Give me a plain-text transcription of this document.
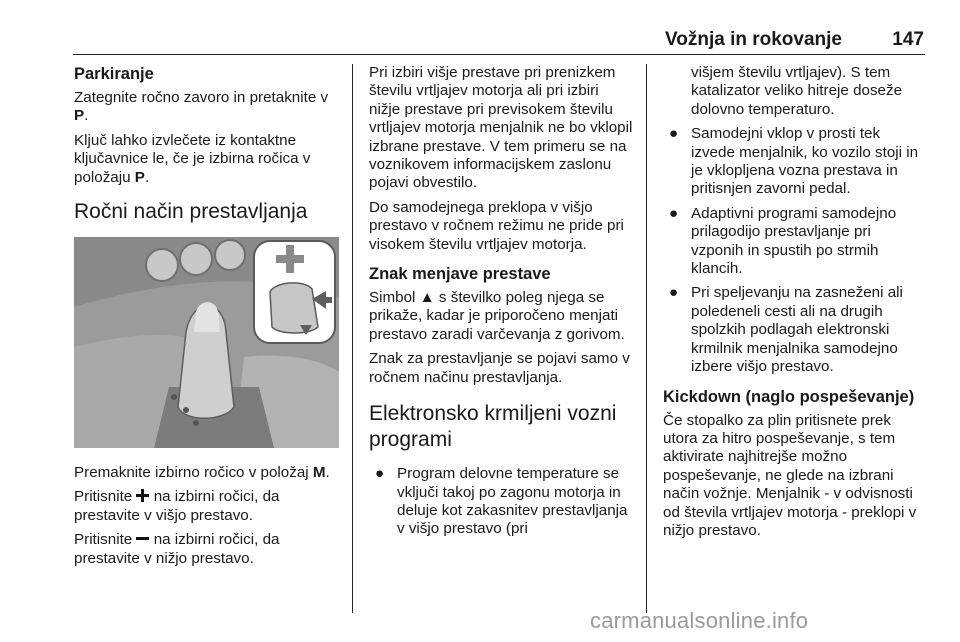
Vožnja in rokovanje	147
Parkiranje

Zategnite ročno zavoro in pretaknite v P.

Ključ lahko izvlečete iz kontaktne ključavnice le, če je izbirna ročica v položaju P.

Ročni način prestavljanja

Premaknite izbirno ročico v položaj M.

Pritisnite  na izbirni ročici, da prestavite v višjo prestavo.

Pritisnite  na izbirni ročici, da prestavite v nižjo prestavo.

Pri izbiri višje prestave pri prenizkem številu vrtljajev motorja ali pri izbiri nižje prestave pri previsokem številu vrtljajev motorja menjalnik ne bo vklopil izbrane prestave. V tem primeru se na voznikovem informacijskem zaslonu pojavi obvestilo.

Do samodejnega preklopa v višjo prestavo v ročnem režimu ne pride pri visokem številu vrtljajev motorja.

Znak menjave prestave

Simbol ▲ s številko poleg njega se prikaže, kadar je priporočeno menjati prestavo zaradi varčevanja z gorivom.

Znak za prestavljanje se pojavi samo v ročnem načinu prestavljanja.

Elektronsko krmiljeni vozni programi
● Program delovne temperature se vključi takoj po zagonu motorja in deluje kot zakasnitev prestavljanja v višjo prestavo (pri

višjem številu vrtljajev). S tem katalizator veliko hitreje doseže dolovno temperaturo.

● Samodejni vklop v prosti tek izvede menjalnik, ko vozilo stoji in je vklopljena vozna prestava in pritisnjen zavorni pedal.
● Adaptivni programi samodejno prilagodijo prestavljanje pri vzponih in spustih po strmih klancih.
● Pri speljevanju na zasneženi ali poledeneli cesti ali na drugih spolzkih podlagah elektronski krmilnik menjalnika samodejno izbere višjo prestavo.
Kickdown (naglo pospeševanje)

Če stopalko za plin pritisnete prek utora za hitro pospeševanje, s tem aktivirate najhitrejše možno pospeševanje, ne glede na izbrani način vožnje. Menjalnik - v odvisnosti od števila vrtljajev motorja - preklopi v nižjo prestavo.

carmanualsonline.info
